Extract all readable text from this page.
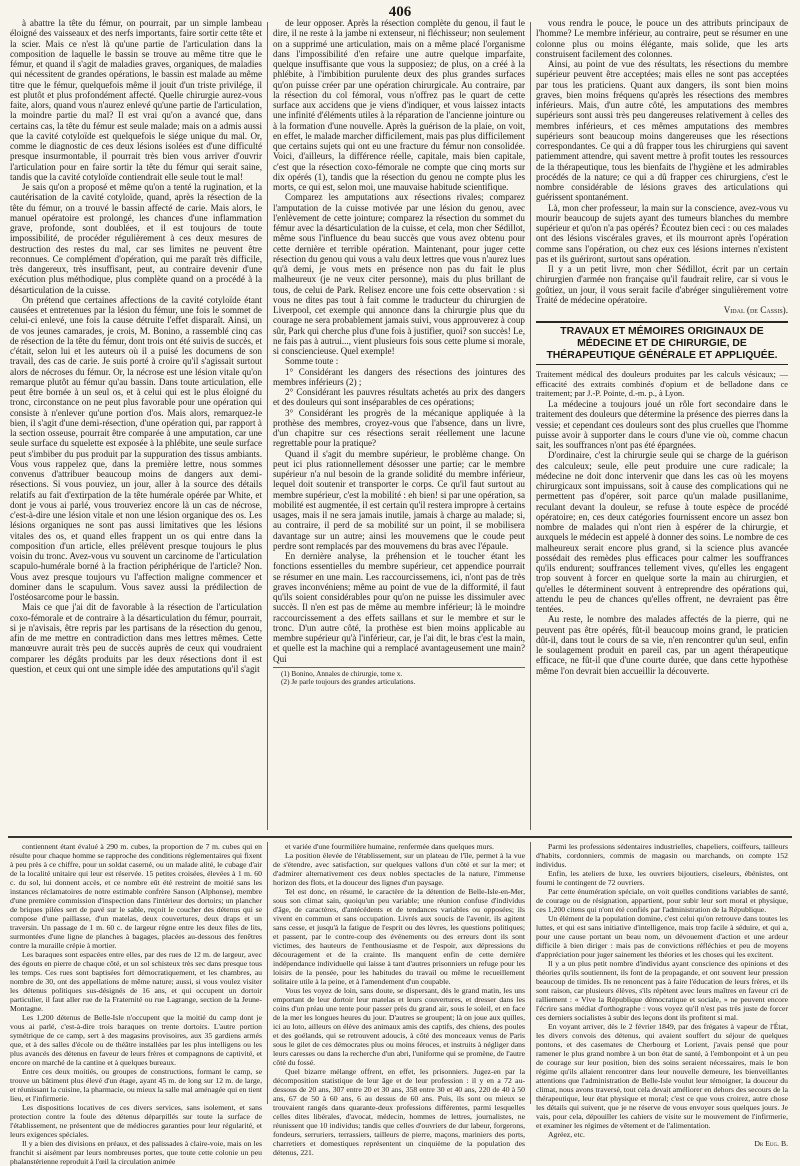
406

à abattre la tête du fémur, on pourrait, par un simple lambeau éloigné des vaisseaux et des nerfs importants, faire sortir cette tête et la scier. Mais ce n'est là qu'une partie de l'articulation dans la composition de laquelle le bassin se trouve au même titre que le fémur, et quand il s'agit de maladies graves, organiques, de maladies qui nécessitent de grandes opérations, le bassin est malade au même titre que le fémur, quelquefois même il jouit d'un triste privilége, il est plutôt et plus profondément affecté. Quelle chirurgie aurez-vous faite, alors, quand vous n'aurez enlevé qu'une partie de l'articulation, la moindre partie du mal? Il est vrai qu'on a avancé que, dans certains cas, la tête du fémur est seule malade; mais on a admis aussi que la cavité cotyloïde est quelquefois le siége unique du mal. Or, comme le diagnostic de ces deux lésions isolées est d'une difficulté presque insurmontable, il pourrait très bien vous arriver d'ouvrir l'articulation pour en faire sortir la tête du fémur qui serait saine, tandis que la cavité cotyloïde contiendrait elle seule tout le mal!

Je sais qu'on a proposé et même qu'on a tenté la rugination, et la cautérisation de la cavité cotyloïde, quand, après la résection de la tête du fémur, on a trouvé le bassin affecté de carie. Mais alors, le manuel opératoire est prolongé, les chances d'une inflammation grave, profonde, sont doublées, et il est toujours de toute impossibilité, de procéder régulièrement à ces deux mesures de destruction des restes du mal, car ses limites ne peuvent être reconnues. Ce complément d'opération, qui me paraît très difficile, très dangereux, très insuffisant, peut, au contraire devenir d'une exécution plus méthodique, plus complète quand on a procédé à la désarticulation de la cuisse.

On prétend que certaines affections de la cavité cotyloïde étant causées et entretenues par la lésion du fémur, une fois le sommet de celui-ci enlevé, une fois la cause détruite l'effet disparaît. Ainsi, un de vos jeunes camarades, je crois, M. Bonino, a rassemblé cinq cas de résection de la tête du fémur, dont trois ont été suivis de succès, et c'était, selon lui et les auteurs où il a puisé les documens de son travail, des cas de carie. Je suis porté à croire qu'il s'agissait surtout alors de nécroses du fémur. Or, la nécrose est une lésion vitale qu'on remarque plutôt au fémur qu'au bassin. Dans toute articulation, elle peut être bornée à un seul os, et à celui qui est le plus éloigné du tronc, circonstance on ne peut plus favorable pour une opération qui consiste à n'enlever qu'une portion d'os. Mais alors, remarquez-le bien, il s'agit d'une demi-résection, d'une opération qui, par rapport à la section osseuse, pourrait être comparée à une amputation, car une seule surface du squelette est exposée à la phlébite, une seule surface peut s'imbiber du pus produit par la suppuration des tissus ambiants. Vous vous rappelez que, dans la première lettre, nous sommes convenus d'attribuer beaucoup moins de dangers aux demi-résections. Si vous pouviez, un jour, aller à la source des détails relatifs au fait d'extirpation de la tête humérale opérée par White, et dont je vous ai parlé, vous trouveriez encore là un cas de nécrose, c'est-à-dire une lésion vitale et non une lésion organique des os. Les lésions organiques ne sont pas aussi limitatives que les lésions vitales des os, et quand elles frappent un os qui entre dans la composition d'un article, elles prélèvent presque toujours le plus voisin du tronc. Avez-vous vu souvent un carcinome de l'articulation scapulo-humérale borné à la fraction périphérique de l'article? Non. Vous avez presque toujours vu l'affection maligne commencer et dominer dans le scapulum. Vous savez aussi la prédilection de l'ostéosarcome pour le bassin.

Mais ce que j'ai dit de favorable à la résection de l'articulation coxo-fémorale et de contraire à la désarticulation du fémur, pourrait, si je n'avisais, être repris par les partisans de la résection du genou, afin de me mettre en contradiction dans mes lettres mêmes. Cette manœuvre aurait très peu de succès auprès de ceux qui voudraient comparer les dégâts produits par les deux résections dont il est question, et ceux qui ont une simple idée des amputations qu'il s'agit

de leur opposer. Après la résection complète du genou, il faut le dire, il ne reste à la jambe ni extenseur, ni fléchisseur; non seulement on a supprimé une articulation, mais on a même placé l'organisme dans l'impossibilité d'en refaire une autre quelque imparfaite, quelque insuffisante que vous la supposiez; de plus, on a créé à la phlébite, à l'imbibition purulente deux des plus grandes surfaces qu'on puisse créer par une opération chirurgicale. Au contraire, par la résection du col fémoral, vous n'offrez pas le quart de cette surface aux accidens que je viens d'indiquer, et vous laissez intacts une infinité d'éléments utiles à la réparation de l'ancienne jointure ou à la formation d'une nouvelle. Après la guérison de la plaie, on voit, en effet, le malade marcher difficilement, mais pas plus difficilement que certains sujets qui ont eu une fracture du fémur non consolidée. Voici, d'ailleurs, la différence réelle, capitale, mais bien capitale, c'est que la résection coxo-fémorale ne compte que cinq morts sur dix opérés (1), tandis que la résection du genou ne compte plus les morts, ce qui est, selon moi, une mauvaise habitude scientifique.

Comparez les amputations aux résections rivales; comparez l'amputation de la cuisse motivée par une lésion du genou, avec l'enlèvement de cette jointure; comparez la résection du sommet du fémur avec la désarticulation de la cuisse, et cela, mon cher Sédillot, même sous l'influence du beau succès que vous avez obtenu pour cette dernière et terrible opération. Maintenant, pour juger cette résection du genou qui vous a valu deux lettres que vous n'aurez lues qu'à demi, je vous mets en présence non pas du fait le plus malheureux (je ne veux citer personne), mais du plus brillant de tous, de celui de Park. Relisez encore une fois cette observation : si vous ne dites pas tout à fait comme le traducteur du chirurgien de Liverpool, cet exemple qui annonce dans la chirurgie plus que du courage ne sera probablement jamais suivi, vous approuverez à coup sûr, Park qui cherche plus d'une fois à justifier, quoi? son succès! Le, ne fais pas à autrui..., vient plusieurs fois sous cette plume si morale, si consciencieuse. Quel exemple!

Somme toute :

1° Considérant les dangers des résections des jointures des membres inférieurs (2) ;

2° Considérant les pauvres résultats achetés au prix des dangers et des douleurs qui sont inséparables de ces opérations;

3° Considérant les progrès de la mécanique appliquée à la prothèse des membres, croyez-vous que l'absence, dans un livre, d'un chapitre sur ces résections serait réellement une lacune regrettable pour la pratique?

Quand il s'agit du membre supérieur, le problème change. On peut ici plus rationnellement désosser une partie; car le membre supérieur n'a nul besoin de la grande solidité du membre inférieur, lequel doit soutenir et transporter le corps. Ce qu'il faut surtout au membre supérieur, c'est la mobilité : eh bien! si par une opération, sa mobilité est augmentée, il est certain qu'il restera impropre à certains usages, mais il ne sera jamais inutile, jamais à charge au malade; si, au contraire, il perd de sa mobilité sur un point, il se mobilisera davantage sur un autre; ainsi les mouvemens que le coude peut perdre sont remplacés par des mouvemens du bras avec l'épaule.

En dernière analyse, la préhension et le toucher étant les fonctions essentielles du membre supérieur, cet appendice pourrait se résumer en une main. Les raccourcissemens, ici, n'ont pas de très graves inconvéniens; même au point de vue de la difformité, il faut qu'ils soient considérables pour qu'on ne puisse les dissimuler avec succès. Il n'en est pas de même au membre inférieur; là le moindre raccourcissement a des effets saillans et sur le membre et sur le tronc. D'un autre côté, la prothèse est bien moins applicable au membre supérieur qu'à l'inférieur, car, je l'ai dit, le bras c'est la main, et quelle est la machine qui a remplacé avantageusement une main? Qui

(1) Bonino, Annales de chirurgie, tome x.
(2) Je parle toujours des grandes articulations.

vous rendra le pouce, le pouce un des attributs principaux de l'homme? Le membre inférieur, au contraire, peut se résumer en une colonne plus ou moins élégante, mais solide, que les arts construisent facilement des colonnes.

Ainsi, au point de vue des résultats, les résections du membre supérieur peuvent être acceptées; mais elles ne sont pas acceptées par tous les praticiens. Quant aux dangers, ils sont bien moins graves, bien moins fréquens qu'après les résections des membres inférieurs. Mais, d'un autre côté, les amputations des membres supérieurs sont aussi très peu dangereuses relativement à celles des membres inférieurs, et ces mêmes amputations des membres supérieurs sont beaucoup moins dangereuses que les résections correspondantes. Ce qui a dû frapper tous les chirurgiens qui savent patiemment attendre, qui savent mettre à profit toutes les ressources de la thérapeutique, tous les bienfaits de l'hygiène et les admirables procédés de la nature; ce qui a dû frapper ces chirurgiens, c'est le nombre considérable de lésions graves des articulations qui guérissent spontanément.

Là, mon cher professeur, la main sur la conscience, avez-vous vu mourir beaucoup de sujets ayant des tumeurs blanches du membre supérieur et qu'on n'a pas opérés? Écoutez bien ceci : ou ces malades ont des lésions viscérales graves, et ils mourront après l'opération comme sans l'opération, ou chez eux ces lésions internes n'existent pas et ils guériront, surtout sans opération.

Il y a un petit livre, mon cher Sédillot, écrit par un certain chirurgien d'armée non française qu'il faudrait relire, car si vous le goûtiez, un jour, il vous serait facile d'abréger singulièrement votre Traité de médecine opératoire.

Vidal (de Cassis).

TRAVAUX ET MÉMOIRES ORIGINAUX DE MÉDECINE ET DE CHIRURGIE, DE THÉRAPEUTIQUE GÉNÉRALE ET APPLIQUÉE.

Traitement médical des douleurs produites par les calculs vésicaux; — efficacité des extraits combinés d'opium et de belladone dans ce traitement; par J.-P. Pointe, d.-m. p., à Lyon.

La médecine a toujours joué un rôle fort secondaire dans le traitement des douleurs que détermine la présence des pierres dans la vessie; et cependant ces douleurs sont des plus cruelles que l'homme puisse avoir à supporter dans le cours d'une vie où, comme chacun sait, les souffrances n'ont pas été épargnées.

D'ordinaire, c'est la chirurgie seule qui se charge de la guérison des calculeux; seule, elle peut produire une cure radicale; la médecine ne doit donc intervenir que dans les cas où les moyens chirurgicaux sont impuissans, soit à cause des complications qui ne permettent pas d'opérer, soit parce qu'un malade pusillanime, reculant devant la douleur, se refuse à toute espèce de procédé opératoire; en, ces deux catégories fournissent encore un assez bon nombre de malades qui n'ont rien à espérer de la chirurgie, et auxquels le médecin est appelé à donner des soins. Le nombre de ces malheureux serait encore plus grand, si la science plus avancée possédait des remèdes plus efficaces pour calmer les souffrances qu'ils endurent; souffrances tellement vives, qu'elles les engagent trop souvent à forcer en quelque sorte la main au chirurgien, et qu'elles le déterminent souvent à entreprendre des opérations qui, attendu le peu de chances qu'elles offrent, ne devraient pas être tentées.

Au reste, le nombre des malades affectés de la pierre, qui ne peuvent pas être opérés, fût-il beaucoup moins grand, le praticien dût-il, dans tout le cours de sa vie, n'en rencontrer qu'un seul, enfin le soulagement produit en pareil cas, par un agent thérapeutique efficace, ne fût-il que d'une courte durée, que dans cette hypothèse même l'on devrait bien accueillir la découverte.

contiennent étant évalué à 290 m. cubes, la proportion de 7 m. cubes qui en résulte pour chaque homme se rapproche des conditions réglementaires qui fixent à peu près à ce chiffre, pour un soldat caserné, ou un malade alité, le cubage d'air de la localité unitaire qui leur est réservée. 15 petites croisées, élevées à 1 m. 60 c. du sol, lui donnent accès, et ce nombre eût été restreint de moitié sans les instances réclamatoires de notre estimable confrère Sanson (Alphonse), membre d'une première commission d'inspection dans l'intérieur des dortoirs; un plancher de briques pilées sert de pavé sur le sable, reçoit le coucher des détenus qui se compose d'une paillasse, d'un matelas, deux couvertures, deux draps et un traversin. Un passage de 1 m. 60 c. de largeur règne entre les deux files de lits, surmontées d'une ligne de planches à bagages, placées au-dessous des fenêtres contre la muraille crépie à mortier.

Les baraques sont espacées entre elles, par des rues de 12 m. de largeur, avec des égouts en pierre de chaque côté, et un sol schisteux très sec dans presque tous les temps. Ces rues sont baptisées fort démocratiquement, et les chambres, au nombre de 30, ont des appellations de même nature; aussi, si vous voulez visiter les détenus politiques sus-désignés de 16 ans, et qui occupent un dortoir particulier, il faut aller rue de la Fraternité ou rue Lagrange, section de la Jeune-Montagne.

Les 1,200 détenus de Belle-Isle n'occupent que la moitié du camp dont je vous ai parlé, c'est-à-dire trois baraques on trente dortoirs. L'autre portion symétrique de ce camp, sert à des magasins provisoires, aux 35 gardiens armés que, et à des salles d'école ou de théâtre installées par les plus intelligens ou les plus avancés des détenus en faveur de leurs frères et compagnons de captivité, et encore on marché de la cantine et à quelques bureaux.

Entre ces deux moitiés, ou groupes de constructions, formant le camp, se trouve un bâtiment plus élevé d'un étage, ayant 45 m. de long sur 12 m. de large, et réunissant la cuisine, la pharmacie, ou mieux la salle mal aménagée qui en tient lieu, et l'infirmerie.

Les dispositions locatives de ces divers services, sans isolement, et sans protection contre la foule des détenus déparpillés sur toute la surface de l'établissement, ne présentent que de médiocres garanties pour leur régularité, et leurs exigences spéciales.

Il y a bien des divisions en préaux, et des palissades à claire-voie, mais on les franchit si aisément par leurs nombreuses portes, que toute cette colonie un peu phalanstérienne reproduit à l'œil la circulation animée

et variée d'une fourmilière humaine, renfermée dans quelques murs.

La position élevée de l'établissement, sur un plateau de l'île, permet à la vue de s'étendre, avec satisfaction, sur quelques vallons d'un côté et sur la mer; et d'admirer alternativement ces deux nobles spectacles de la nature, l'immense horizon des flots, et la douceur des lignes d'un paysage.

Tel est donc, en résumé, le caractère de la détention de Belle-Isle-en-Mer, sous son climat sain, quoiqu'un peu variable; une réunion confuse d'individus d'âge, de caractères, d'antécédents et de tendances variables ou opposées; ils vivent en commun et sans occupation. Livrés aux soucis de l'avenir, ils agitent sans cesse, et jusqu'à la fatigue de l'esprit ou des lèvres, les questions politiques; et passent, par le contre-coup des événements ou des erreurs dont ils sont victimes, des hauteurs de l'enthousiasme et de l'espoir, aux dépressions du découragement et de la crainte. Ils manquent enfin de cette dernière indépendance individuelle qui laisse à tant d'autres prisonniers un refuge pour les loisirs de la pensée, pour les habitudes du travail ou même le recueillement solitaire utile à la peine, et à l'amendement d'un coupable.

Vous les voyez de loin, sans doute, se dispersant, dès le grand matin, les uns emportant de leur dortoir leur matelas et leurs couvertures, et dresser dans les coins d'un préau une tente pour passer près du grand air, sous le soleil, et en face de la mer les longues heures du jour. D'autres se groupent; là on joue aux quilles, ici au loto, ailleurs on élève des animaux amis des captifs, des chiens, des poules et des goélands, qui se retrouvent adoucis, à côté des monceaux venus de Paris sous le gilet de ces démocrates plus ou moins féroces, et instruits à négliger dans leurs caresses ou dans la recherche d'un abri, l'uniforme qui se promène, de l'autre côté du fossé.

Quel bizarre mélange offrent, en effet, les prisonniers. Jugez-en par la décomposition statistique de leur âge et de leur profession : il y en a 72 au-dessous de 20 ans, 307 entre 20 et 30 ans, 358 entre 30 et 40 ans, 220 de 40 à 50 ans, 67 de 50 à 60 ans, 6 au dessus de 60 ans. Puis, ils sont ou mieux se trouvaient rangés dans quarante-deux professions différentes, parmi lesquelles celles dites libérales, d'avocat, médecin, hommes de lettres, journalistes, ne réunissent que 10 individus; tandis que celles d'ouvriers de dur labeur, forgerons, fondeurs, serruriers, terrassiers, tailleurs de pierre, maçons, mariniers des ports, charretiers et domestiques représentent un cinquième de la population des détenus, 221.

Parmi les professions sédentaires industrielles, chapeliers, coiffeurs, tailleurs d'habits, cordonniers, commis de magasin ou marchands, on compte 152 individus.

Enfin, les ateliers de luxe, les ouvriers bijoutiers, ciseleurs, ébénistes, ont fourni le contingent de 72 ouvriers.

Par cette énumération spéciale, on voit quelles conditions variables de santé, de courage ou de résignation, appartient, pour subir leur sort moral et physique, ces 1,200 citens qui n'ont été confiés par l'administration de la République.

Un élément de la population domine, c'est celui qu'on retrouve dans toutes les luttes, et qui est sans initiative d'intelligence, mais trop facile à séduire, et qui a, pour une cause portant un beau nom, un dévouement d'action et une ardeur difficile à bien diriger : mais pas de convictions réfléchies et peu de moyens d'appréciation pour juger sainement les théories et les choses qui les excitent.

Il y a un plus petit nombre d'individus ayant conscience des opinions et des théories qu'ils soutiennent, ils font de la propagande, et ont souvent leur pression beaucoup de timides. Ils ne renoncent pas à faire l'éducation de leurs frères, et ils sont raison, car plusieurs élèves, s'ils répètent avec leurs maîtres en faveur cri de ralliement : « Vive la République démocratique et sociale, » ne peuvent encore l'écrire sans médiat d'orthographe : vous voyez qu'il n'est pas très juste de forcer ces derniers socialistes à subir des leçons dont ils profitent si mal.

En voyant arriver, dès le 2 février 1849, par des frégates à vapeur de l'État, les divers convois des détenus, qui avaient souffert du séjour de quelques pontons, et des casemates de Cherbourg et Lorient, j'avais pensé que pour ramener le plus grand nombre à un bon état de santé, à l'embonpoint et à un peu de courage sur leur position, bien des soins seraient nécessaires, mais le bon régime qu'ils allaient rencontrer dans leur nouvelle demeure, les bienveillantes attentions que l'administration de Belle-Isle voulut leur témoigner, la douceur du climat, nous avons traversé, tout cela devait améliorer en dehors des secours de la thérapeutique, leur état physique et moral; c'est ce que vous croirez, autre chose les détails qui suivent, que je ne réserve de vous envoyer sous quelques jours. Je vais, pour cela, dépouiller les cahiers de visite sur le mouvement de l'infirmerie, et examiner les régimes de vêtement et de l'alimentation.

Agréez, etc.

Dr Eug. B.
